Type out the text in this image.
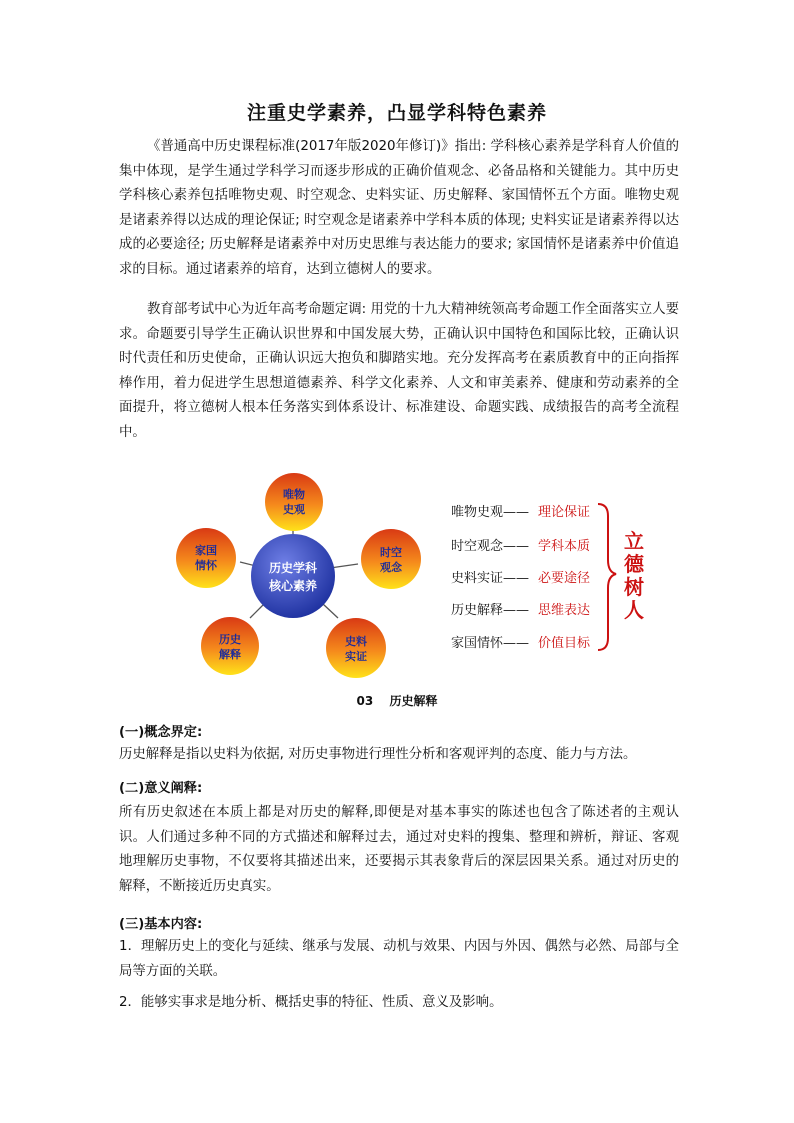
注重史学素养，凸显学科特色素养

《普通高中历史课程标准(2017年版2020年修订)》指出: 学科核心素养是学科育人价值的集中体现，是学生通过学科学习而逐步形成的正确价值观念、必备品格和关键能力。其中历史学科核心素养包括唯物史观、时空观念、史料实证、历史解释、家国情怀五个方面。唯物史观是诸素养得以达成的理论保证; 时空观念是诸素养中学科本质的体现; 史料实证是诸素养得以达成的必要途径; 历史解释是诸素养中对历史思维与表达能力的要求; 家国情怀是诸素养中价值追求的目标。通过诸素养的培育，达到立德树人的要求。

教育部考试中心为近年高考命题定调: 用党的十九大精神统领高考命题工作全面落实立人要求。命题要引导学生正确认识世界和中国发展大势，正确认识中国特色和国际比较，正确认识时代责任和历史使命，正确认识远大抱负和脚踏实地。充分发挥高考在素质教育中的正向指挥棒作用，着力促进学生思想道德素养、科学文化素养、人文和审美素养、健康和劳动素养的全面提升，将立德树人根本任务落实到体系设计、标准建设、命题实践、成绩报告的高考全流程中。

历史学科
核心素养
唯物
史观
时空
观念
史料
实证
历史
解释
家国
情怀
唯物史观 —— 理论保证
时空观念 —— 学科本质
史料实证 —— 必要途径
历史解释 —— 思维表达
家国情怀 —— 价值目标
立
德
树
人
03 历史解释
(一)概念界定:

历史解释是指以史料为依据, 对历史事物进行理性分析和客观评判的态度、能力与方法。

(二)意义阐释:

所有历史叙述在本质上都是对历史的解释,即便是对基本事实的陈述也包含了陈述者的主观认识。人们通过多种不同的方式描述和解释过去，通过对史料的搜集、整理和辨析，辩证、客观地理解历史事物，不仅要将其描述出来，还要揭示其表象背后的深层因果关系。通过对历史的解释，不断接近历史真实。

(三)基本内容:

1．理解历史上的变化与延续、继承与发展、动机与效果、内因与外因、偶然与必然、局部与全局等方面的关联。

2．能够实事求是地分析、概括史事的特征、性质、意义及影响。
